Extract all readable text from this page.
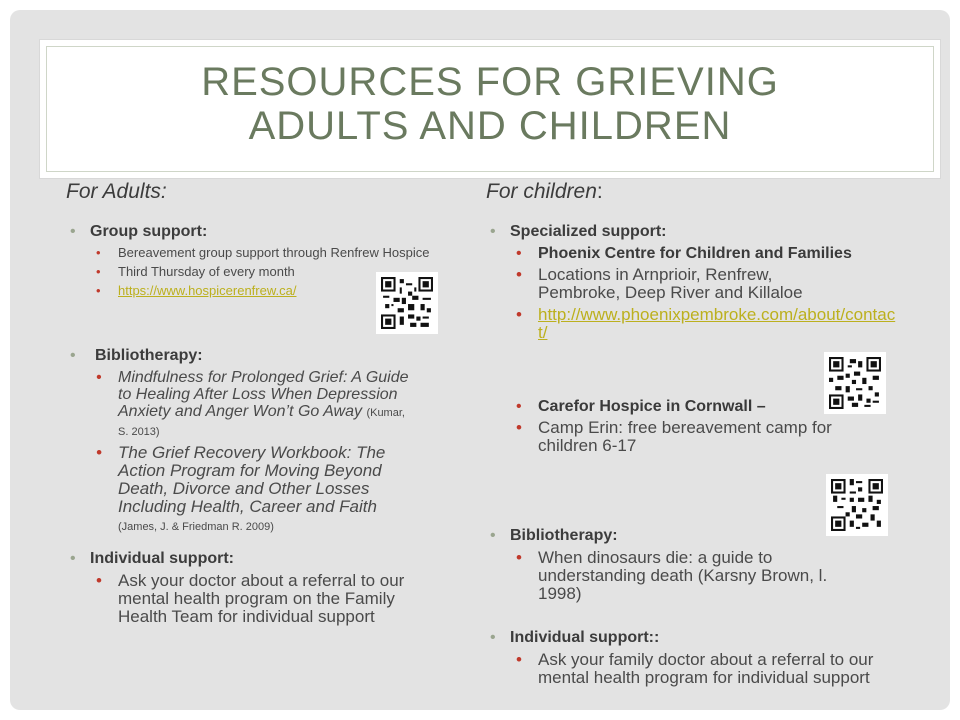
RESOURCES FOR GRIEVING
ADULTS AND CHILDREN
For Adults:
• Group support:
• Bereavement group support through Renfrew Hospice
• Third Thursday of every month
• https://www.hospicerenfrew.ca/
• Bibliotherapy:
• Mindfulness for Prolonged Grief: A Guide to Healing After Loss When Depression Anxiety and Anger Won’t Go Away (Kumar, S. 2013)
• The Grief Recovery Workbook: The Action Program for Moving Beyond Death, Divorce and Other Losses Including Health, Career and Faith
(James, J. & Friedman R. 2009)
• Individual support:
• Ask your doctor about a referral to our mental health program on the Family Health Team for individual support
For children:
• Specialized support:
• Phoenix Centre for Children and Families
• Locations in Arnprioir, Renfrew, Pembroke, Deep River and Killaloe
• http://www.phoenixpembroke.com/about/contact/
• Carefor Hospice in Cornwall –
• Camp Erin: free bereavement camp for children 6-17
• Bibliotherapy:
• When dinosaurs die: a guide to understanding death (Karsny Brown, l. 1998)
• Individual support::
• Ask your family doctor about a referral to our mental health program for individual support
